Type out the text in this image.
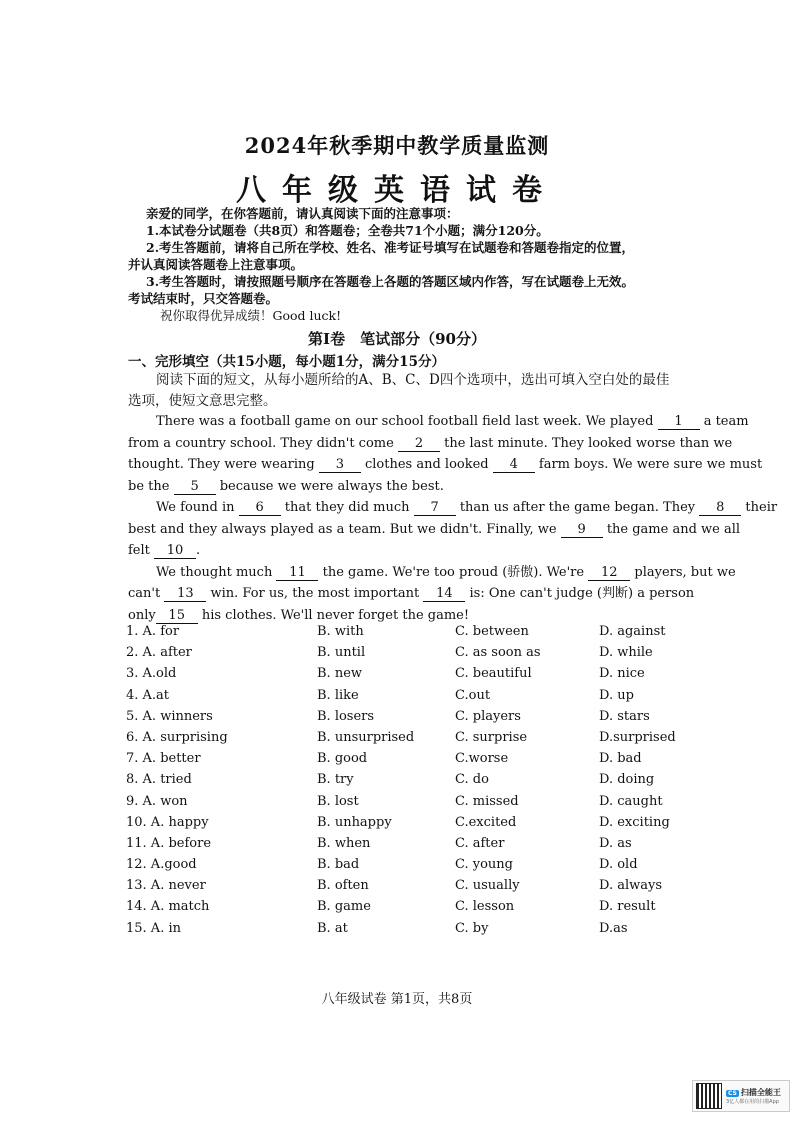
2024年秋季期中教学质量监测
八年级英语试卷
亲爱的同学，在你答题前，请认真阅读下面的注意事项：
1.本试卷分试题卷（共8页）和答题卷；全卷共71个小题；满分120分。
2.考生答题前，请将自己所在学校、姓名、准考证号填写在试题卷和答题卷指定的位置，
并认真阅读答题卷上注意事项。
3.考生答题时，请按照题号顺序在答题卷上各题的答题区域内作答，写在试题卷上无效。
考试结束时，只交答题卷。
祝你取得优异成绩！Good luck!
第Ⅰ卷　笔试部分（90分）
一、完形填空（共15小题，每小题1分，满分15分）
阅读下面的短文，从每小题所给的A、B、C、D四个选项中，选出可填入空白处的最佳
选项，使短文意思完整。

There was a football game on our school football field last week. We played 1 a team

from a country school. They didn't come 2 the last minute. They looked worse than we

thought. They were wearing 3 clothes and looked 4 farm boys. We were sure we must

be the 5 because we were always the best.

We found in 6 that they did much 7 than us after the game began. They 8 their

best and they always played as a team. But we didn't. Finally, we 9 the game and we all

felt 10 .

We thought much 11 the game. We're too proud (骄傲). We're 12 players, but we

can't 13 win. For us, the most important 14 is: One can't judge (判断) a person

only 15 his clothes. We'll never forget the game!

1. A. for	B. with	C. between	D. against
2. A. after	B. until	C. as soon as	D. while
3. A.old	B. new	C. beautiful	D. nice
4. A.at	B. like	C.out	D. up
5. A. winners	B. losers	C. players	D. stars
6. A. surprising	B. unsurprised	C. surprise	D.surprised
7. A. better	B. good	C.worse	D. bad
8. A. tried	B. try	C. do	D. doing
9. A. won	B. lost	C. missed	D. caught
10. A. happy	B. unhappy	C.excited	D. exciting
11. A. before	B. when	C. after	D. as
12. A.good	B. bad	C. young	D. old
13. A. never	B. often	C. usually	D. always
14. A. match	B. game	C. lesson	D. result
15. A. in	B. at	C. by	D.as
八年级试卷 第1页，共8页
CS 扫描全能王
3亿人都在用的扫描App
